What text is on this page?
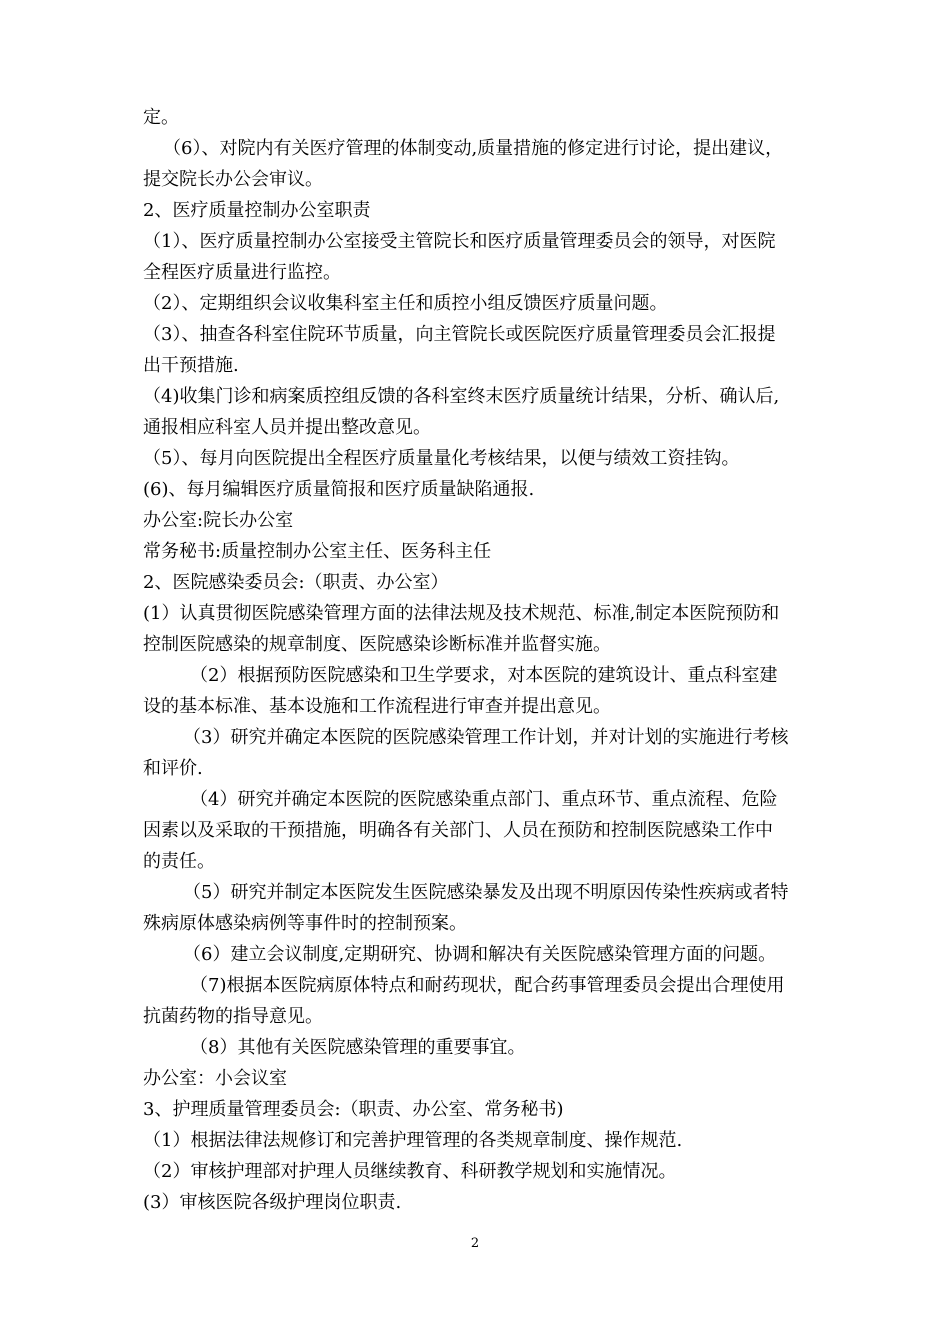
定。
（6）、对院内有关医疗管理的体制变动,质量措施的修定进行讨论，提出建议，
提交院长办公会审议。
2、医疗质量控制办公室职责
（1）、医疗质量控制办公室接受主管院长和医疗质量管理委员会的领导，对医院
全程医疗质量进行监控。
（2）、定期组织会议收集科室主任和质控小组反馈医疗质量问题。
（3）、抽查各科室住院环节质量，向主管院长或医院医疗质量管理委员会汇报提
出干预措施.
（4)收集门诊和病案质控组反馈的各科室终末医疗质量统计结果，分析、确认后,
通报相应科室人员并提出整改意见。
（5）、每月向医院提出全程医疗质量量化考核结果，以便与绩效工资挂钩。
(6)、每月编辑医疗质量简报和医疗质量缺陷通报.
办公室:院长办公室
常务秘书:质量控制办公室主任、医务科主任
2、医院感染委员会:（职责、办公室）
(1）认真贯彻医院感染管理方面的法律法规及技术规范、标准,制定本医院预防和
控制医院感染的规章制度、医院感染诊断标准并监督实施。
（2）根据预防医院感染和卫生学要求，对本医院的建筑设计、重点科室建
设的基本标准、基本设施和工作流程进行审查并提出意见。
（3）研究并确定本医院的医院感染管理工作计划，并对计划的实施进行考核
和评价.
（4）研究并确定本医院的医院感染重点部门、重点环节、重点流程、危险
因素以及采取的干预措施，明确各有关部门、人员在预防和控制医院感染工作中
的责任。
（5）研究并制定本医院发生医院感染暴发及出现不明原因传染性疾病或者特
殊病原体感染病例等事件时的控制预案。
（6）建立会议制度,定期研究、协调和解决有关医院感染管理方面的问题。
（7)根据本医院病原体特点和耐药现状，配合药事管理委员会提出合理使用
抗菌药物的指导意见。
（8）其他有关医院感染管理的重要事宜。
办公室：小会议室
3、护理质量管理委员会:（职责、办公室、常务秘书)
（1）根据法律法规修订和完善护理管理的各类规章制度、操作规范.
（2）审核护理部对护理人员继续教育、科研教学规划和实施情况。
(3）审核医院各级护理岗位职责.
2
